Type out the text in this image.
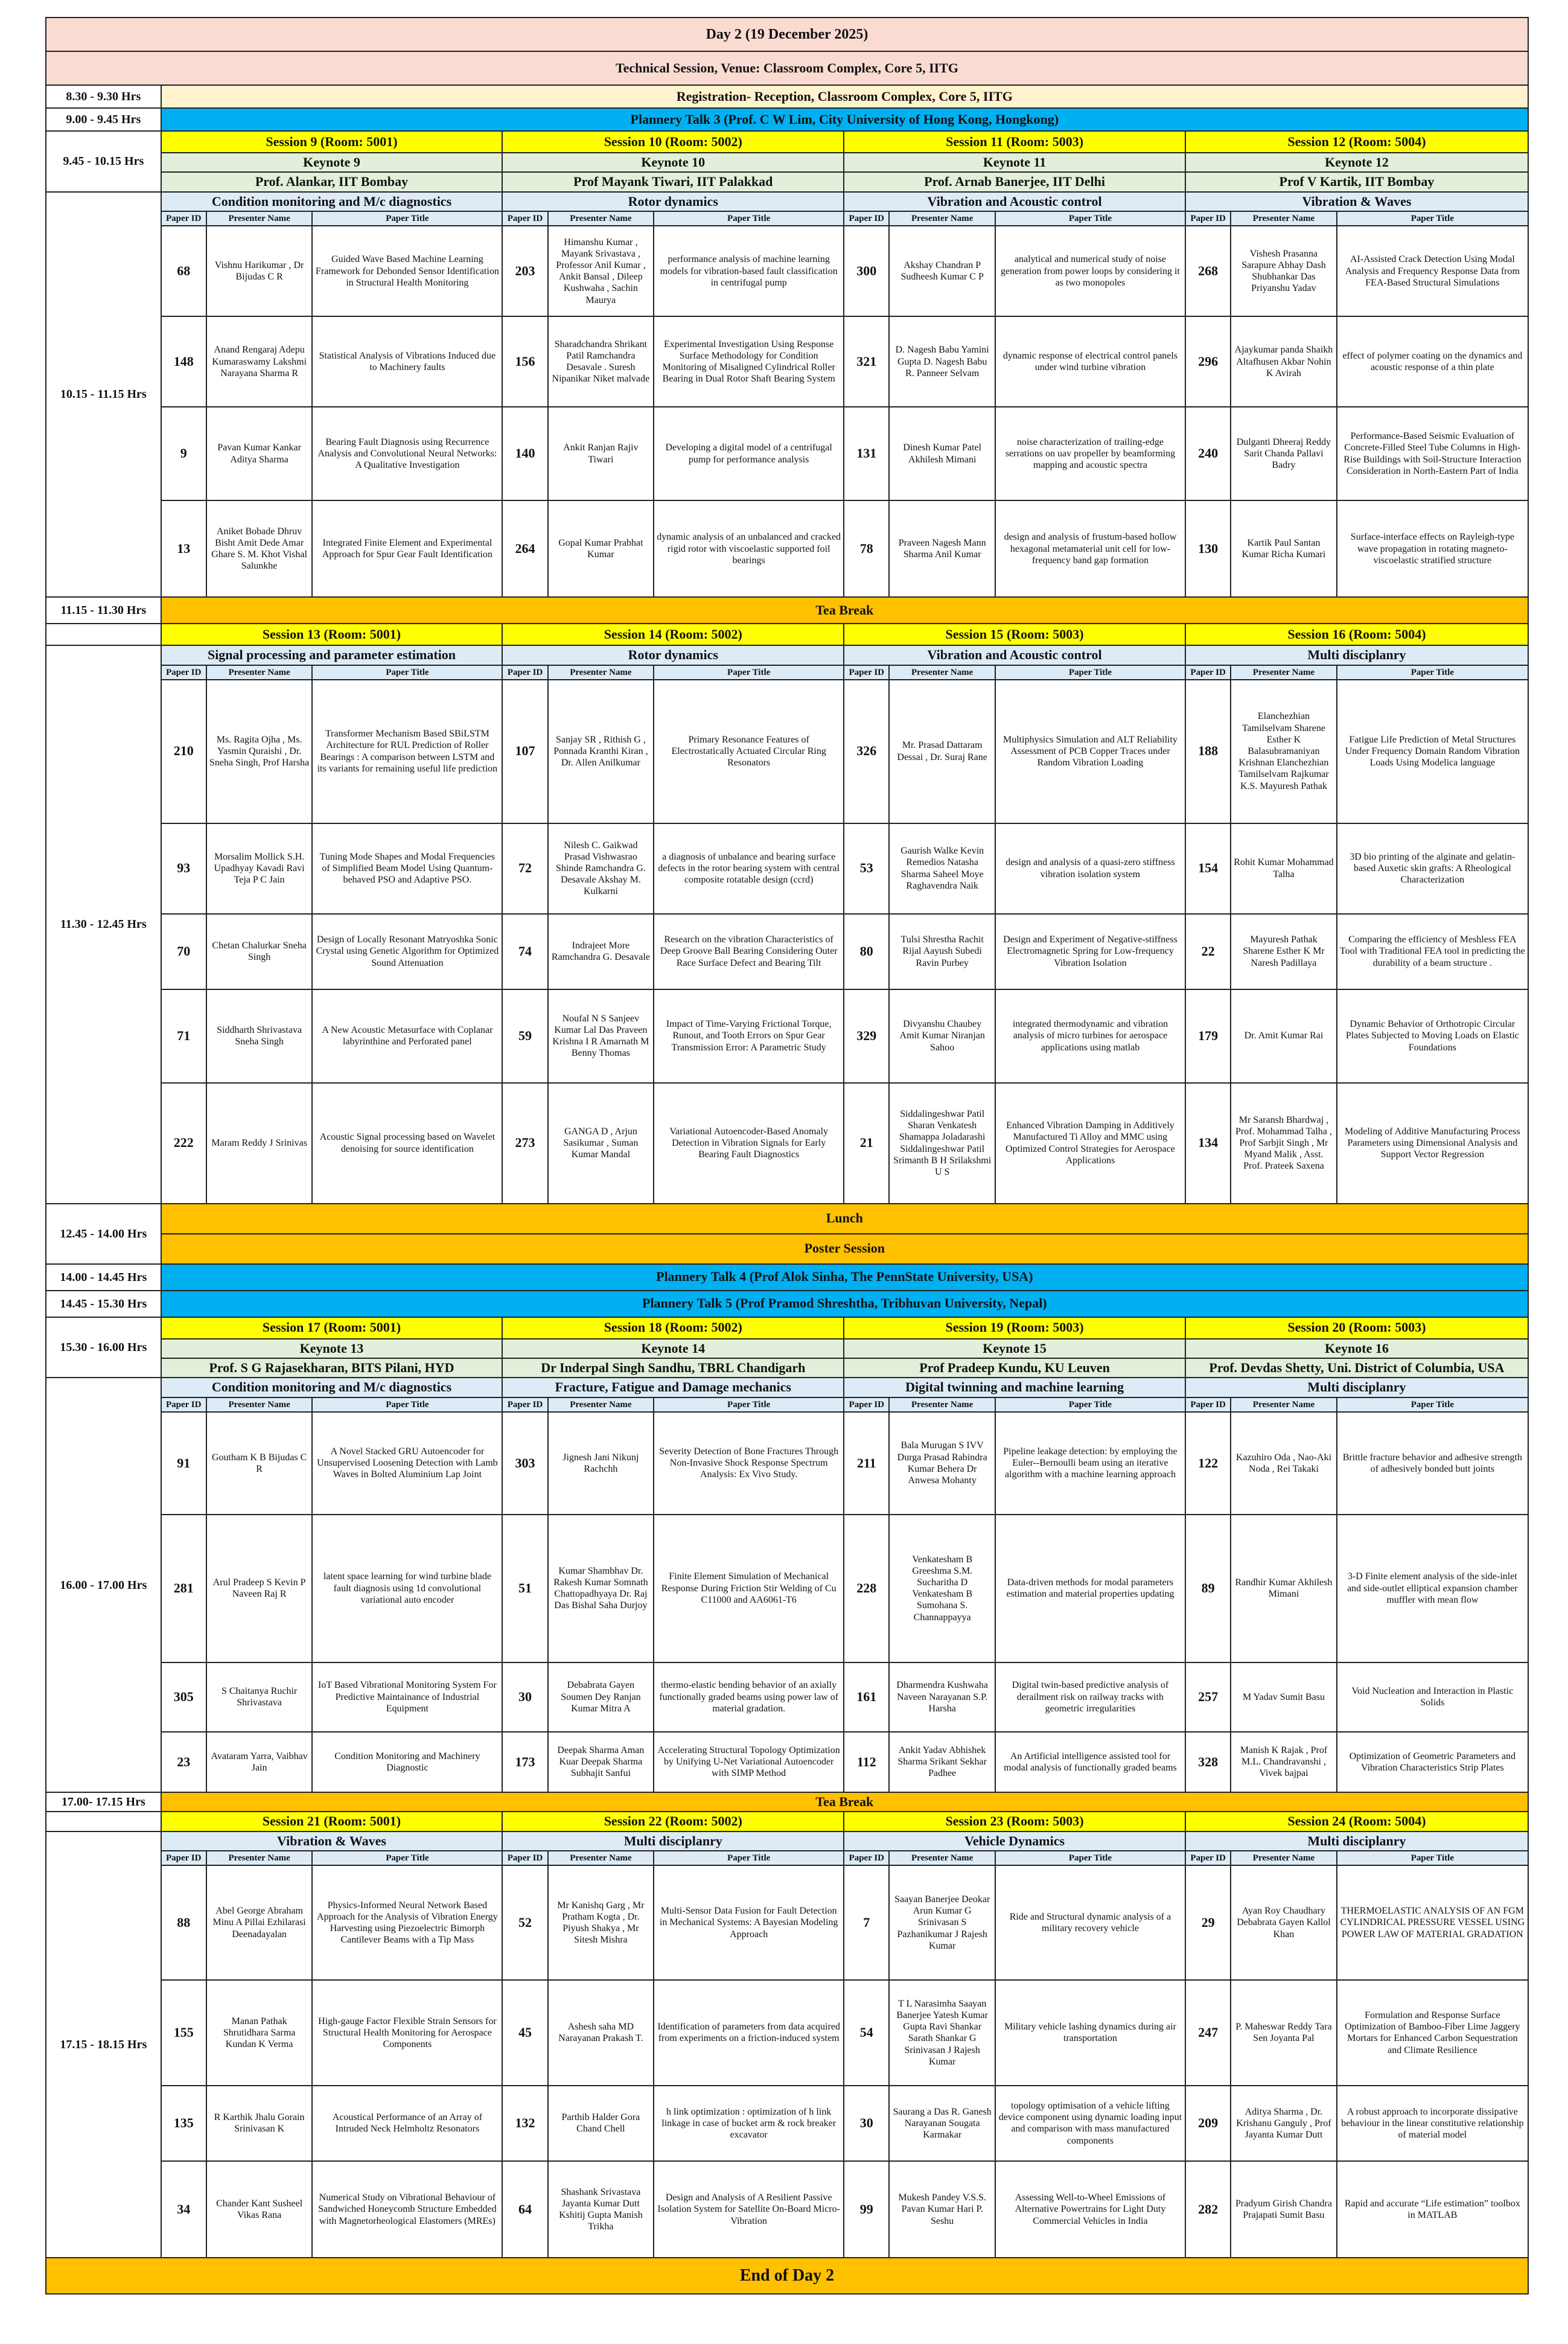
Day 2 (19 December 2025)												
Technical Session, Venue: Classroom Complex, Core 5, IITG												
8.30 - 9.30 Hrs	Registration- Reception, Classroom Complex, Core 5, IITG											
9.00 - 9.45 Hrs	Plannery Talk 3 (Prof. C W Lim, City University of Hong Kong, Hongkong)											
9.45 - 10.15 Hrs	Session 9 (Room: 5001)			Session 10 (Room: 5002)			Session 11 (Room: 5003)			Session 12 (Room: 5004)		
	Keynote 9			Keynote 10			Keynote 11			Keynote 12		
	Prof. Alankar, IIT Bombay			Prof Mayank Tiwari, IIT Palakkad			Prof. Arnab Banerjee, IIT Delhi			Prof V Kartik, IIT Bombay		
10.15 - 11.15 Hrs	Condition monitoring and M/c diagnostics			Rotor dynamics			Vibration and Acoustic control			Vibration & Waves		
	Paper ID	Presenter Name	Paper Title	Paper ID	Presenter Name	Paper Title	Paper ID	Presenter Name	Paper Title	Paper ID	Presenter Name	Paper Title
	68	Vishnu Harikumar , Dr Bijudas C R	Guided Wave Based Machine Learning Framework for Debonded Sensor Identification in Structural Health Monitoring	203	Himanshu Kumar , Mayank Srivastava , Professor Anil Kumar , Ankit Bansal , Dileep Kushwaha , Sachin Maurya	performance analysis of machine learning models for vibration-based fault classification in centrifugal pump	300	Akshay Chandran P Sudheesh Kumar C P	analytical and numerical study of noise generation from power loops by considering it as two monopoles	268	Vishesh Prasanna Sarapure Abhay Dash Shubhankar Das Priyanshu Yadav	AI-Assisted Crack Detection Using Modal Analysis and Frequency Response Data from FEA-Based Structural Simulations
	148	Anand Rengaraj Adepu Kumaraswamy Lakshmi Narayana Sharma R	Statistical Analysis of Vibrations Induced due to Machinery faults	156	Sharadchandra Shrikant Patil Ramchandra Desavale . Suresh Nipanikar Niket malvade	Experimental Investigation Using Response Surface Methodology for Condition Monitoring of Misaligned Cylindrical Roller Bearing in Dual Rotor Shaft Bearing System	321	D. Nagesh Babu Yamini Gupta D. Nagesh Babu R. Panneer Selvam	dynamic response of electrical control panels under wind turbine vibration	296	Ajaykumar panda Shaikh Altafhusen Akbar Nohin K Avirah	effect of polymer coating on the dynamics and acoustic response of a thin plate
	9	Pavan Kumar Kankar Aditya Sharma	Bearing Fault Diagnosis using Recurrence Analysis and Convolutional Neural Networks: A Qualitative Investigation	140	Ankit Ranjan Rajiv Tiwari	Developing a digital model of a centrifugal pump for performance analysis	131	Dinesh Kumar Patel Akhilesh Mimani	noise characterization of trailing-edge serrations on uav propeller by beamforming mapping and acoustic spectra	240	Dulganti Dheeraj Reddy Sarit Chanda Pallavi Badry	Performance-Based Seismic Evaluation of Concrete-Filled Steel Tube Columns in High-Rise Buildings with Soil-Structure Interaction Consideration in North-Eastern Part of India
	13	Aniket Bobade Dhruv Bisht Amit Dede Amar Ghare S. M. Khot Vishal Salunkhe	Integrated Finite Element and Experimental Approach for Spur Gear Fault Identification	264	Gopal Kumar Prabhat Kumar	dynamic analysis of an unbalanced and cracked rigid rotor with viscoelastic supported foil bearings	78	Praveen Nagesh Mann Sharma Anil Kumar	design and analysis of frustum-based hollow hexagonal metamaterial unit cell for low-frequency band gap formation	130	Kartik Paul Santan Kumar Richa Kumari	Surface-interface effects on Rayleigh-type wave propagation in rotating magneto-viscoelastic stratified structure
11.15 - 11.30 Hrs	Tea Break											
	Session 13 (Room: 5001)			Session 14 (Room: 5002)			Session 15 (Room: 5003)			Session 16 (Room: 5004)		
11.30 - 12.45 Hrs	Signal processing and parameter estimation			Rotor dynamics			Vibration and Acoustic control			Multi disciplanry		
	Paper ID	Presenter Name	Paper Title	Paper ID	Presenter Name	Paper Title	Paper ID	Presenter Name	Paper Title	Paper ID	Presenter Name	Paper Title
	210	Ms. Ragita Ojha , Ms. Yasmin Quraishi , Dr. Sneha Singh, Prof Harsha	Transformer Mechanism Based SBiLSTM Architecture for RUL Prediction of Roller Bearings : A comparison between LSTM and its variants for remaining useful life prediction	107	Sanjay SR , Rithish G , Ponnada Kranthi Kiran , Dr. Allen Anilkumar	Primary Resonance Features of Electrostatically Actuated Circular Ring Resonators	326	Mr. Prasad Dattaram Dessai , Dr. Suraj Rane	Multiphysics Simulation and ALT Reliability Assessment of PCB Copper Traces under Random Vibration Loading	188	Elanchezhian Tamilselvam Sharene Esther K Balasubramaniyan Krishnan Elanchezhian Tamilselvam Rajkumar K.S. Mayuresh Pathak	Fatigue Life Prediction of Metal Structures Under Frequency Domain Random Vibration Loads Using Modelica language
	93	Morsalim Mollick S.H. Upadhyay Kavadi Ravi Teja P C Jain	Tuning Mode Shapes and Modal Frequencies of Simplified Beam Model Using Quantum- behaved PSO and Adaptive PSO.	72	Nilesh C. Gaikwad Prasad Vishwasrao Shinde Ramchandra G. Desavale Akshay M. Kulkarni	a diagnosis of unbalance and bearing surface defects in the rotor bearing system with central composite rotatable design (ccrd)	53	Gaurish Walke Kevin Remedios Natasha Sharma Saheel Moye Raghavendra Naik	design and analysis of a quasi-zero stiffness vibration isolation system	154	Rohit Kumar Mohammad Talha	3D bio printing of the alginate and gelatin-based Auxetic skin grafts: A Rheological Characterization
	70	Chetan Chalurkar Sneha Singh	Design of Locally Resonant Matryoshka Sonic Crystal using Genetic Algorithm for Optimized Sound Attenuation	74	Indrajeet More Ramchandra G. Desavale	Research on the vibration Characteristics of Deep Groove Ball Bearing Considering Outer Race Surface Defect and Bearing Tilt	80	Tulsi Shrestha Rachit Rijal Aayush Subedi Ravin Purbey	Design and Experiment of Negative-stiffness Electromagnetic Spring for Low-frequency Vibration Isolation	22	Mayuresh Pathak Sharene Esther K Mr Naresh Padillaya	Comparing the efficiency of Meshless FEA Tool with Traditional FEA tool in predicting the durability of a beam structure .
	71	Siddharth Shrivastava Sneha Singh	A New Acoustic Metasurface with Coplanar labyrinthine and Perforated panel	59	Noufal N S Sanjeev Kumar Lal Das Praveen Krishna I R Amarnath M Benny Thomas	Impact of Time-Varying Frictional Torque, Runout, and Tooth Errors on Spur Gear Transmission Error: A Parametric Study	329	Divyanshu Chaubey Amit Kumar Niranjan Sahoo	integrated thermodynamic and vibration analysis of micro turbines for aerospace applications using matlab	179	Dr. Amit Kumar Rai	Dynamic Behavior of Orthotropic Circular Plates Subjected to Moving Loads on Elastic Foundations
	222	Maram Reddy J Srinivas	Acoustic Signal processing based on Wavelet denoising for source identification	273	GANGA D , Arjun Sasikumar , Suman Kumar Mandal	Variational Autoencoder-Based Anomaly Detection in Vibration Signals for Early Bearing Fault Diagnostics	21	Siddalingeshwar Patil Sharan Venkatesh Shamappa Joladarashi Siddalingeshwar Patil Srimanth B H Srilakshmi U S	Enhanced Vibration Damping in Additively Manufactured Ti Alloy and MMC using Optimized Control Strategies for Aerospace Applications	134	Mr Saransh Bhardwaj , Prof. Mohammad Talha , Prof Sarbjit Singh , Mr Myand Malik , Asst. Prof. Prateek Saxena	Modeling of Additive Manufacturing Process Parameters using Dimensional Analysis and Support Vector Regression
12.45 - 14.00 Hrs	Lunch											
	Poster Session											
14.00 - 14.45 Hrs	Plannery Talk 4 (Prof Alok Sinha, The PennState University, USA)											
14.45 - 15.30 Hrs	Plannery Talk 5 (Prof Pramod Shreshtha, Tribhuvan University, Nepal)											
15.30 - 16.00 Hrs	Session 17 (Room: 5001)			Session 18 (Room: 5002)			Session 19 (Room: 5003)			Session 20 (Room: 5003)		
	Keynote 13			Keynote 14			Keynote 15			Keynote 16		
	Prof. S G Rajasekharan, BITS Pilani, HYD			Dr Inderpal Singh Sandhu, TBRL Chandigarh			Prof Pradeep Kundu, KU Leuven			Prof. Devdas Shetty, Uni. District of Columbia, USA		
16.00 - 17.00 Hrs	Condition monitoring and M/c diagnostics			Fracture, Fatigue and Damage mechanics			Digital twinning and machine learning			Multi disciplanry		
	Paper ID	Presenter Name	Paper Title	Paper ID	Presenter Name	Paper Title	Paper ID	Presenter Name	Paper Title	Paper ID	Presenter Name	Paper Title
	91	Goutham K B Bijudas C R	A Novel Stacked GRU Autoencoder for Unsupervised Loosening Detection with Lamb Waves in Bolted Aluminium Lap Joint	303	Jignesh Jani Nikunj Rachchh	Severity Detection of Bone Fractures Through Non-Invasive Shock Response Spectrum Analysis: Ex Vivo Study.	211	Bala Murugan S IVV Durga Prasad Rabindra Kumar Behera Dr Anwesa Mohanty	Pipeline leakage detection: by employing the Euler--Bernoulli beam using an iterative algorithm with a machine learning approach	122	Kazuhiro Oda , Nao-Aki Noda , Rei Takaki	Brittle fracture behavior and adhesive strength of adhesively bonded butt joints
	281	Arul Pradeep S Kevin P Naveen Raj R	latent space learning for wind turbine blade fault diagnosis using 1d convolutional variational auto encoder	51	Kumar Shambhav Dr. Rakesh Kumar Somnath Chattopadhyaya Dr. Raj Das Bishal Saha Durjoy	Finite Element Simulation of Mechanical Response During Friction Stir Welding of Cu C11000 and AA6061-T6	228	Venkatesham B Greeshma S.M. Sucharitha D Venkatesham B Sumohana S. Channappayya	Data-driven methods for modal parameters estimation and material properties updating	89	Randhir Kumar Akhilesh Mimani	3-D Finite element analysis of the side-inlet and side-outlet elliptical expansion chamber muffler with mean flow
	305	S Chaitanya Ruchir Shrivastava	IoT Based Vibrational Monitoring System For Predictive Maintainance of Industrial Equipment	30	Debabrata Gayen Soumen Dey Ranjan Kumar Mitra A	thermo-elastic bending behavior of an axially functionally graded beams using power law of material gradation.	161	Dharmendra Kushwaha Naveen Narayanan S.P. Harsha	Digital twin-based predictive analysis of derailment risk on railway tracks with geometric irregularities	257	M Yadav Sumit Basu	Void Nucleation and Interaction in Plastic Solids
	23	Avataram Yarra, Vaibhav Jain	Condition Monitoring and Machinery Diagnostic	173	Deepak Sharma Aman Kuar Deepak Sharma Subhajit Sanfui	Accelerating Structural Topology Optimization by Unifying U-Net Variational Autoencoder with SIMP Method	112	Ankit Yadav Abhishek Sharma Srikant Sekhar Padhee	An Artificial intelligence assisted tool for modal analysis of functionally graded beams	328	Manish K Rajak , Prof M.L. Chandravanshi , Vivek bajpai	Optimization of Geometric Parameters and Vibration Characteristics Strip Plates
17.00- 17.15 Hrs	Tea Break											
	Session 21 (Room: 5001)			Session 22 (Room: 5002)			Session 23 (Room: 5003)			Session 24 (Room: 5004)		
17.15 - 18.15 Hrs	Vibration & Waves			Multi disciplanry			Vehicle Dynamics			Multi disciplanry		
	Paper ID	Presenter Name	Paper Title	Paper ID	Presenter Name	Paper Title	Paper ID	Presenter Name	Paper Title	Paper ID	Presenter Name	Paper Title
	88	Abel George Abraham Minu A Pillai Ezhilarasi Deenadayalan	Physics-Informed Neural Network Based Approach for the Analysis of Vibration Energy Harvesting using Piezoelectric Bimorph Cantilever Beams with a Tip Mass	52	Mr Kanishq Garg , Mr Pratham Kogta , Dr. Piyush Shakya , Mr Sitesh Mishra	Multi-Sensor Data Fusion for Fault Detection in Mechanical Systems: A Bayesian Modeling Approach	7	Saayan Banerjee Deokar Arun Kumar G Srinivasan S Pazhanikumar J Rajesh Kumar	Ride and Structural dynamic analysis of a military recovery vehicle	29	Ayan Roy Chaudhary Debabrata Gayen Kallol Khan	THERMOELASTIC ANALYSIS OF AN FGM CYLINDRICAL PRESSURE VESSEL USING POWER LAW OF MATERIAL GRADATION
	155	Manan Pathak Shrutidhara Sarma Kundan K Verma	High-gauge Factor Flexible Strain Sensors for Structural Health Monitoring for Aerospace Components	45	Ashesh saha MD Narayanan Prakash T.	Identification of parameters from data acquired from experiments on a friction-induced system	54	T L Narasimha Saayan Banerjee Yatesh Kumar Gupta Ravi Shankar Sarath Shankar G Srinivasan J Rajesh Kumar	Military vehicle lashing dynamics during air transportation	247	P. Maheswar Reddy Tara Sen Joyanta Pal	Formulation and Response Surface Optimization of Bamboo-Fiber Lime Jaggery Mortars for Enhanced Carbon Sequestration and Climate Resilience
	135	R Karthik Jhalu Gorain Srinivasan K	Acoustical Performance of an Array of Intruded Neck Helmholtz Resonators	132	Parthib Halder Gora Chand Chell	h link optimization : optimization of h link linkage in case of bucket arm & rock breaker excavator	30	Saurang a Das R. Ganesh Narayanan Sougata Karmakar	topology optimisation of a vehicle lifting device component using dynamic loading input and comparison with mass manufactured components	209	Aditya Sharma , Dr. Krishanu Ganguly , Prof Jayanta Kumar Dutt	A robust approach to incorporate dissipative behaviour in the linear constitutive relationship of material model
	34	Chander Kant Susheel Vikas Rana	Numerical Study on Vibrational Behaviour of Sandwiched Honeycomb Structure Embedded with Magnetorheological Elastomers (MREs)	64	Shashank Srivastava Jayanta Kumar Dutt Kshitij Gupta Manish Trikha	Design and Analysis of A Resilient Passive Isolation System for Satellite On-Board Micro-Vibration	99	Mukesh Pandey V.S.S. Pavan Kumar Hari P. Seshu	Assessing Well-to-Wheel Emissions of Alternative Powertrains for Light Duty Commercial Vehicles in India	282	Pradyum Girish Chandra Prajapati Sumit Basu	Rapid and accurate “Life estimation” toolbox in MATLAB
End of Day 2												
